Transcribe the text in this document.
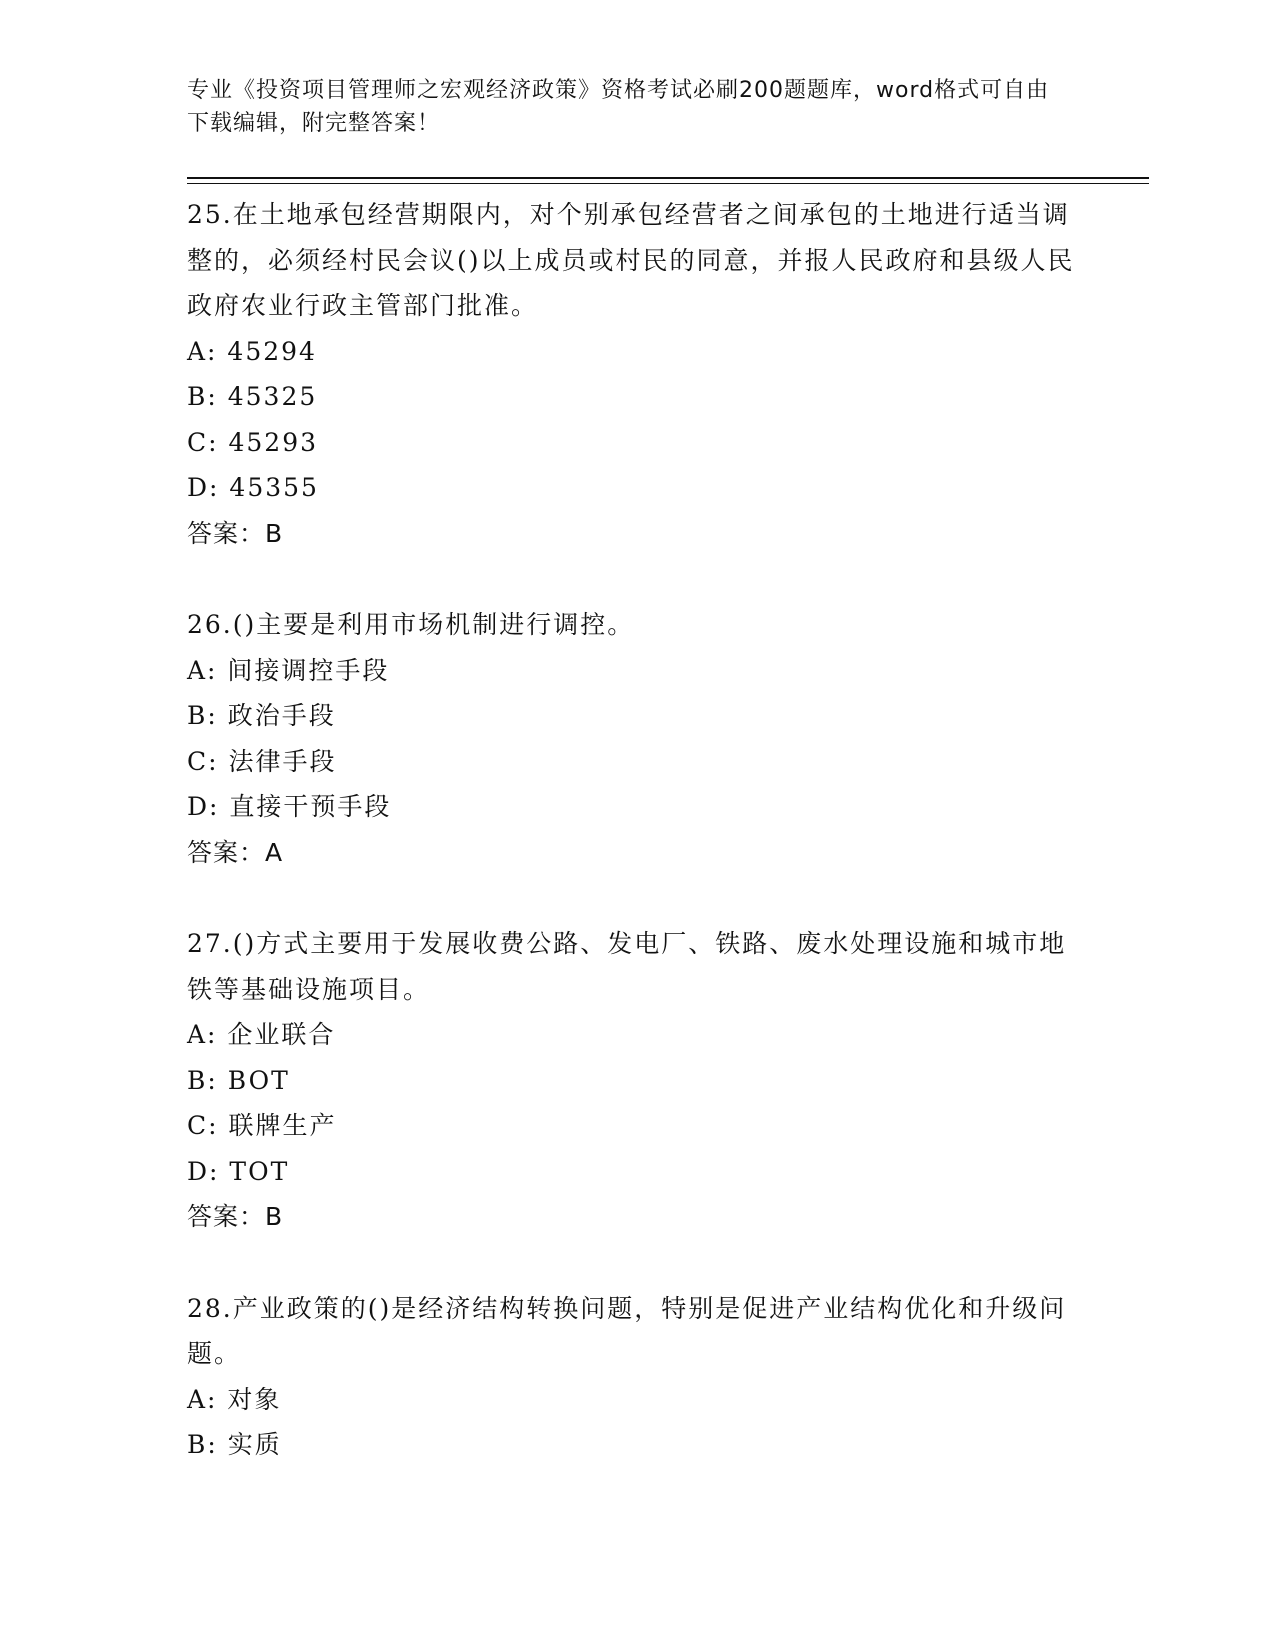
专业《投资项目管理师之宏观经济政策》资格考试必刷200题题库，word格式可自由下载编辑，附完整答案！
25.在土地承包经营期限内，对个别承包经营者之间承包的土地进行适当调整的，必须经村民会议()以上成员或村民的同意，并报人民政府和县级人民政府农业行政主管部门批准。
A: 45294
B: 45325
C: 45293
D: 45355
答案：B
26.()主要是利用市场机制进行调控。
A: 间接调控手段
B: 政治手段
C: 法律手段
D: 直接干预手段
答案：A
27.()方式主要用于发展收费公路、发电厂、铁路、废水处理设施和城市地铁等基础设施项目。
A: 企业联合
B: BOT
C: 联牌生产
D: TOT
答案：B
28.产业政策的()是经济结构转换问题，特别是促进产业结构优化和升级问题。
A: 对象
B: 实质
